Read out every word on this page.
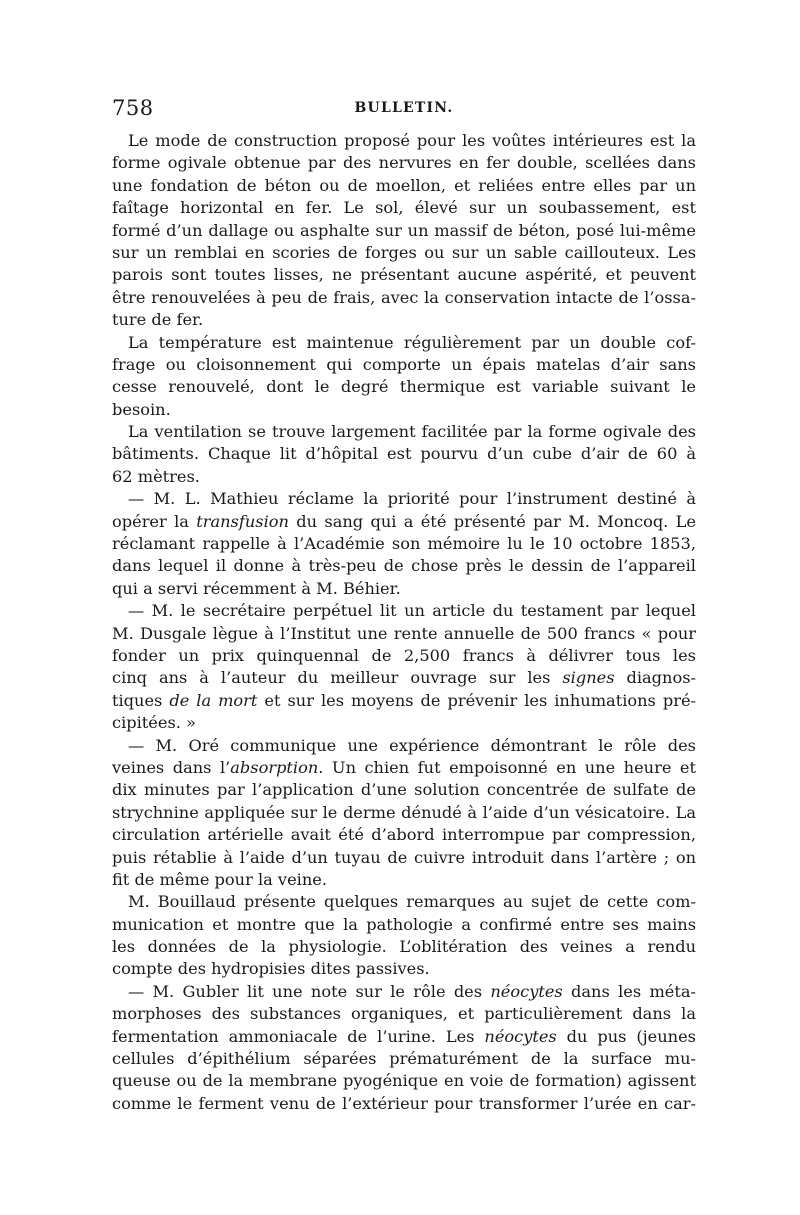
758	BULLETIN.
Le mode de construction proposé pour les voûtes intérieures est la
forme ogivale obtenue par des nervures en fer double, scellées dans
une fondation de béton ou de moellon, et reliées entre elles par un
faîtage horizontal en fer. Le sol, élevé sur un soubassement, est
formé d’un dallage ou asphalte sur un massif de béton, posé lui-même
sur un remblai en scories de forges ou sur un sable caillouteux. Les
parois sont toutes lisses, ne présentant aucune aspérité, et peuvent
être renouvelées à peu de frais, avec la conservation intacte de l’ossa-
ture de fer.
La température est maintenue régulièrement par un double cof-
frage ou cloisonnement qui comporte un épais matelas d’air sans
cesse renouvelé, dont le degré thermique est variable suivant le
besoin.
La ventilation se trouve largement facilitée par la forme ogivale des
bâtiments. Chaque lit d’hôpital est pourvu d’un cube d’air de 60 à
62 mètres.
— M. L. Mathieu réclame la priorité pour l’instrument destiné à
opérer la transfusion du sang qui a été présenté par M. Moncoq. Le
réclamant rappelle à l’Académie son mémoire lu le 10 octobre 1853,
dans lequel il donne à très-peu de chose près le dessin de l’appareil
qui a servi récemment à M. Béhier.
— M. le secrétaire perpétuel lit un article du testament par lequel
M. Dusgale lègue à l’Institut une rente annuelle de 500 francs « pour
fonder un prix quinquennal de 2,500 francs à délivrer tous les
cinq ans à l’auteur du meilleur ouvrage sur les signes diagnos-
tiques de la mort et sur les moyens de prévenir les inhumations pré-
cipitées. »
— M. Oré communique une expérience démontrant le rôle des
veines dans l’absorption. Un chien fut empoisonné en une heure et
dix minutes par l’application d’une solution concentrée de sulfate de
strychnine appliquée sur le derme dénudé à l’aide d’un vésicatoire. La
circulation artérielle avait été d’abord interrompue par compression,
puis rétablie à l’aide d’un tuyau de cuivre introduit dans l’artère ; on
fit de même pour la veine.
M. Bouillaud présente quelques remarques au sujet de cette com-
munication et montre que la pathologie a confirmé entre ses mains
les données de la physiologie. L’oblitération des veines a rendu
compte des hydropisies dites passives.
— M. Gubler lit une note sur le rôle des néocytes dans les méta-
morphoses des substances organiques, et particulièrement dans la
fermentation ammoniacale de l’urine. Les néocytes du pus (jeunes
cellules d’épithélium séparées prématurément de la surface mu-
queuse ou de la membrane pyogénique en voie de formation) agissent
comme le ferment venu de l’extérieur pour transformer l’urée en car-
